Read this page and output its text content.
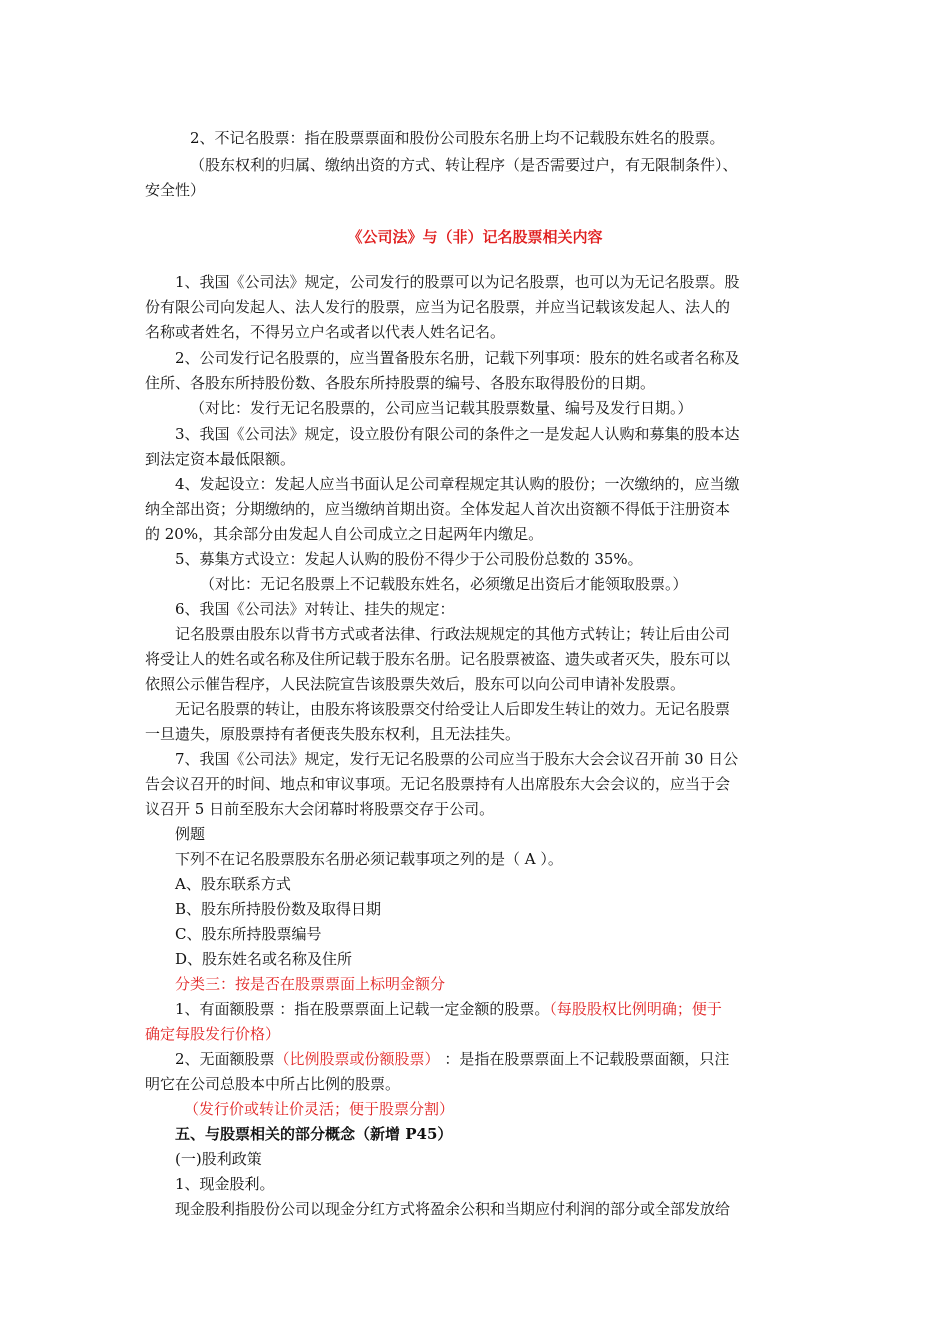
2、不记名股票：指在股票票面和股份公司股东名册上均不记载股东姓名的股票。
（股东权利的归属、缴纳出资的方式、转让程序（是否需要过户，有无限制条件）、
安全性）
《公司法》与（非）记名股票相关内容
1、我国《公司法》规定，公司发行的股票可以为记名股票，也可以为无记名股票。股
份有限公司向发起人、法人发行的股票，应当为记名股票，并应当记载该发起人、法人的
名称或者姓名，不得另立户名或者以代表人姓名记名。
2、公司发行记名股票的，应当置备股东名册，记载下列事项：股东的姓名或者名称及
住所、各股东所持股份数、各股东所持股票的编号、各股东取得股份的日期。
（对比：发行无记名股票的，公司应当记载其股票数量、编号及发行日期。）
3、我国《公司法》规定，设立股份有限公司的条件之一是发起人认购和募集的股本达
到法定资本最低限额。
4、发起设立：发起人应当书面认足公司章程规定其认购的股份；一次缴纳的，应当缴
纳全部出资；分期缴纳的，应当缴纳首期出资。全体发起人首次出资额不得低于注册资本
的 20%，其余部分由发起人自公司成立之日起两年内缴足。
5、募集方式设立：发起人认购的股份不得少于公司股份总数的 35%。
（对比：无记名股票上不记载股东姓名，必须缴足出资后才能领取股票。）
6、我国《公司法》对转让、挂失的规定：
记名股票由股东以背书方式或者法律、行政法规规定的其他方式转让；转让后由公司
将受让人的姓名或名称及住所记载于股东名册。记名股票被盗、遗失或者灭失，股东可以
依照公示催告程序，人民法院宣告该股票失效后，股东可以向公司申请补发股票。
无记名股票的转让，由股东将该股票交付给受让人后即发生转让的效力。无记名股票
一旦遗失，原股票持有者便丧失股东权利，且无法挂失。
7、我国《公司法》规定，发行无记名股票的公司应当于股东大会会议召开前 30 日公
告会议召开的时间、地点和审议事项。无记名股票持有人出席股东大会会议的，应当于会
议召开 5 日前至股东大会闭幕时将股票交存于公司。
例题
下列不在记名股票股东名册必须记载事项之列的是（ A ）。
A、股东联系方式
B、股东所持股份数及取得日期
C、股东所持股票编号
D、股东姓名或名称及住所
分类三：按是否在股票票面上标明金额分
1、有面额股票 ：指在股票票面上记载一定金额的股票。（每股股权比例明确；便于
确定每股发行价格）
2、无面额股票（比例股票或份额股票） ：是指在股票票面上不记载股票面额，只注
明它在公司总股本中所占比例的股票。
（发行价或转让价灵活；便于股票分割）
五、与股票相关的部分概念（新增 P45）
(一)股利政策
1、现金股利。
现金股利指股份公司以现金分红方式将盈余公积和当期应付利润的部分或全部发放给
